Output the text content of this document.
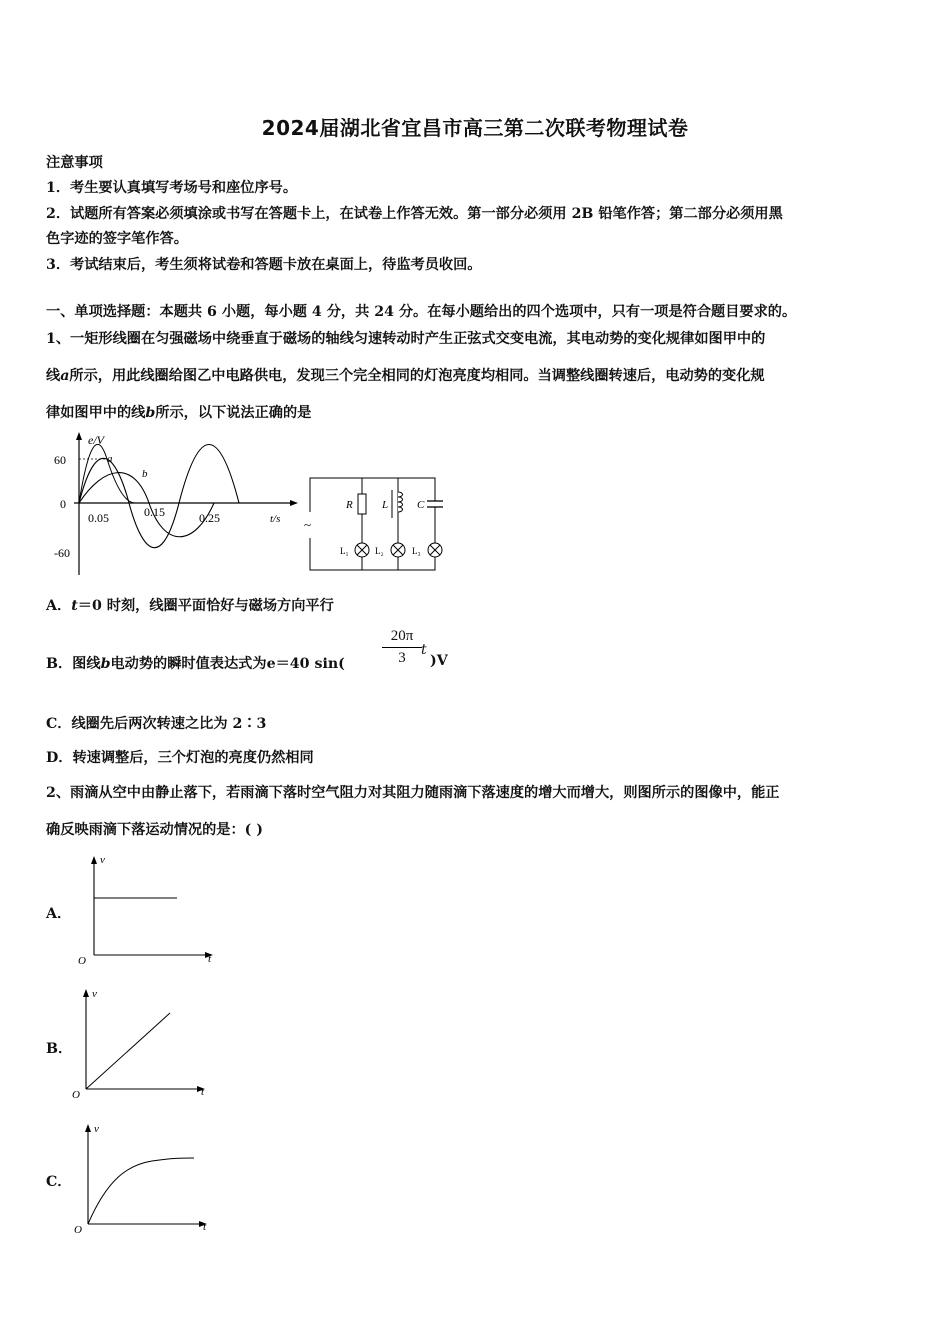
2024届湖北省宜昌市高三第二次联考物理试卷
注意事项
1．考生要认真填写考场号和座位序号。
2．试题所有答案必须填涂或书写在答题卡上，在试卷上作答无效。第一部分必须用 2B 铅笔作答；第二部分必须用黑
色字迹的签字笔作答。
3．考试结束后，考生须将试卷和答题卡放在桌面上，待监考员收回。
一、单项选择题：本题共 6 小题，每小题 4 分，共 24 分。在每小题给出的四个选项中，只有一项是符合题目要求的。
1、一矩形线圈在匀强磁场中绕垂直于磁场的轴线匀速转动时产生正弦式交变电流，其电动势的变化规律如图甲中的
线a所示，用此线圈给图乙中电路供电，发现三个完全相同的灯泡亮度均相同。当调整线圈转速后，电动势的变化规
律如图甲中的线b所示，以下说法正确的是
e/V
t/s
60
-60
0
0.05	0.15	0.25
a
b
~
R	L	C
L₁	L₂	L₃
A．t＝0 时刻，线圈平面恰好与磁场方向平行
B．图线b电动势的瞬时值表达式为e＝40 $\sin( \frac{20\pi}{3}$ t
)V
C．线圈先后两次转速之比为 2∶3
D．转速调整后，三个灯泡的亮度仍然相同
2、雨滴从空中由静止落下，若雨滴下落时空气阻力对其阻力随雨滴下落速度的增大而增大，则图所示的图像中，能正
确反映雨滴下落运动情况的是：( )
A．
v
t
O
B．
v
t
O
C．
v
t
O
